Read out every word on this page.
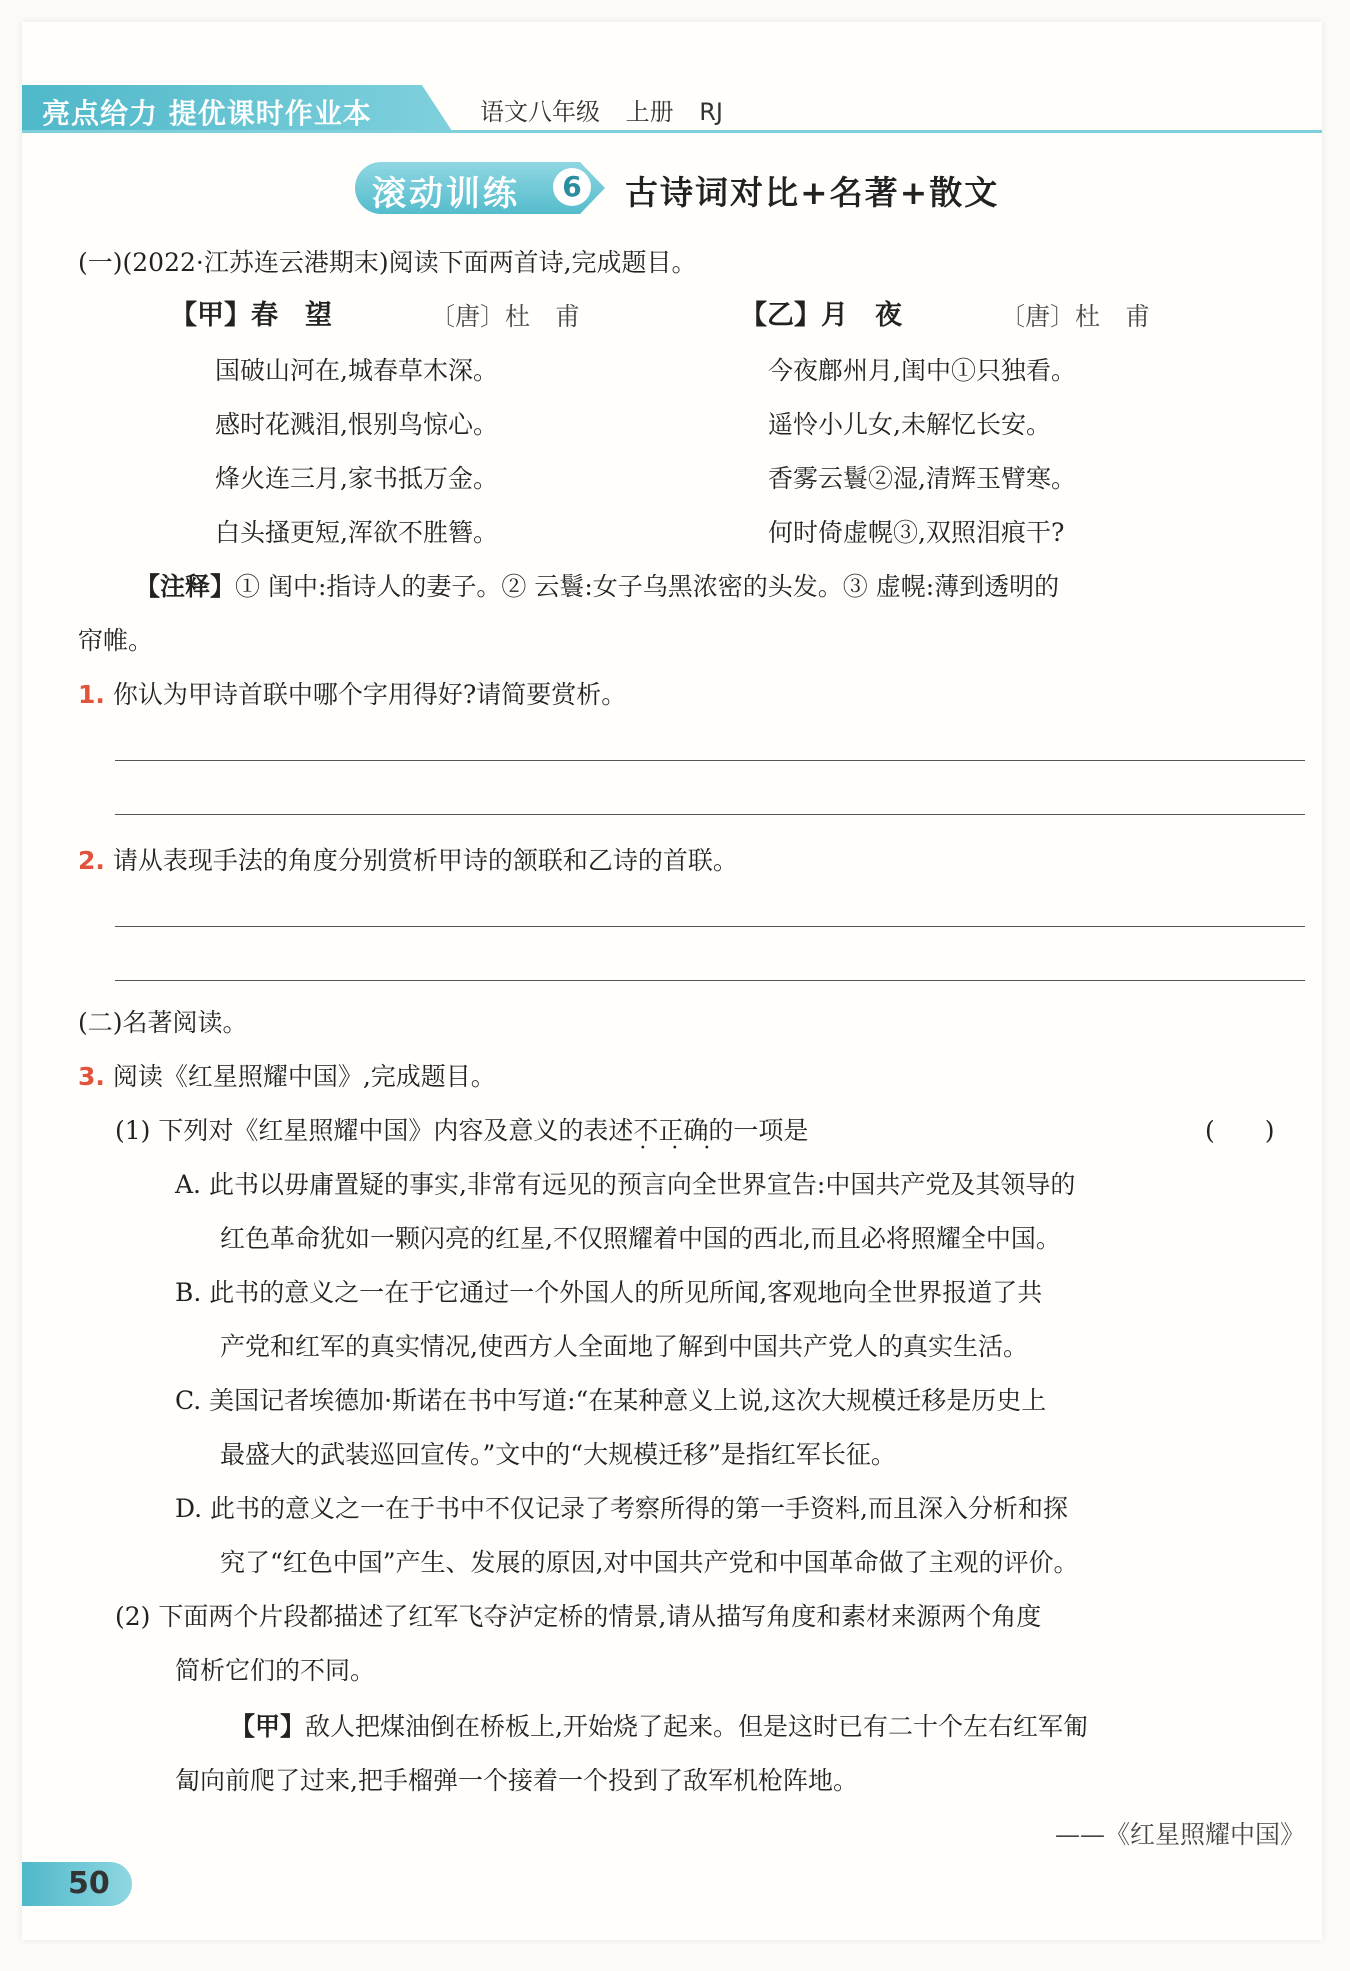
亮点给力 提优课时作业本	语文八年级 上册 RJ
滚动训练	6 古诗词对比+名著+散文
(一)(2022·江苏连云港期末)阅读下面两首诗,完成题目。
【甲】春　望	〔唐〕杜　甫
国破山河在,城春草木深。
感时花溅泪,恨别鸟惊心。
烽火连三月,家书抵万金。
白头搔更短,浑欲不胜簪。
【乙】月　夜	〔唐〕杜　甫
今夜鄜州月,闺中①只独看。
遥怜小儿女,未解忆长安。
香雾云鬟②湿,清辉玉臂寒。
何时倚虚幌③,双照泪痕干?
【注释】① 闺中:指诗人的妻子。② 云鬟:女子乌黑浓密的头发。③ 虚幌:薄到透明的
帘帷。
1. 你认为甲诗首联中哪个字用得好?请简要赏析。
2. 请从表现手法的角度分别赏析甲诗的颔联和乙诗的首联。
(二)名著阅读。
3. 阅读《红星照耀中国》,完成题目。
(1) 下列对《红星照耀中国》内容及意义的表述不正确 · · ·的一项是	(　　)
A. 此书以毋庸置疑的事实,非常有远见的预言向全世界宣告:中国共产党及其领导的
红色革命犹如一颗闪亮的红星,不仅照耀着中国的西北,而且必将照耀全中国。
B. 此书的意义之一在于它通过一个外国人的所见所闻,客观地向全世界报道了共
产党和红军的真实情况,使西方人全面地了解到中国共产党人的真实生活。
C. 美国记者埃德加·斯诺在书中写道:“在某种意义上说,这次大规模迁移是历史上
最盛大的武装巡回宣传。”文中的“大规模迁移”是指红军长征。
D. 此书的意义之一在于书中不仅记录了考察所得的第一手资料,而且深入分析和探
究了“红色中国”产生、发展的原因,对中国共产党和中国革命做了主观的评价。
(2) 下面两个片段都描述了红军飞夺泸定桥的情景,请从描写角度和素材来源两个角度
简析它们的不同。
【甲】敌人把煤油倒在桥板上,开始烧了起来。但是这时已有二十个左右红军匍
匐向前爬了过来,把手榴弹一个接着一个投到了敌军机枪阵地。
——《红星照耀中国》
50
